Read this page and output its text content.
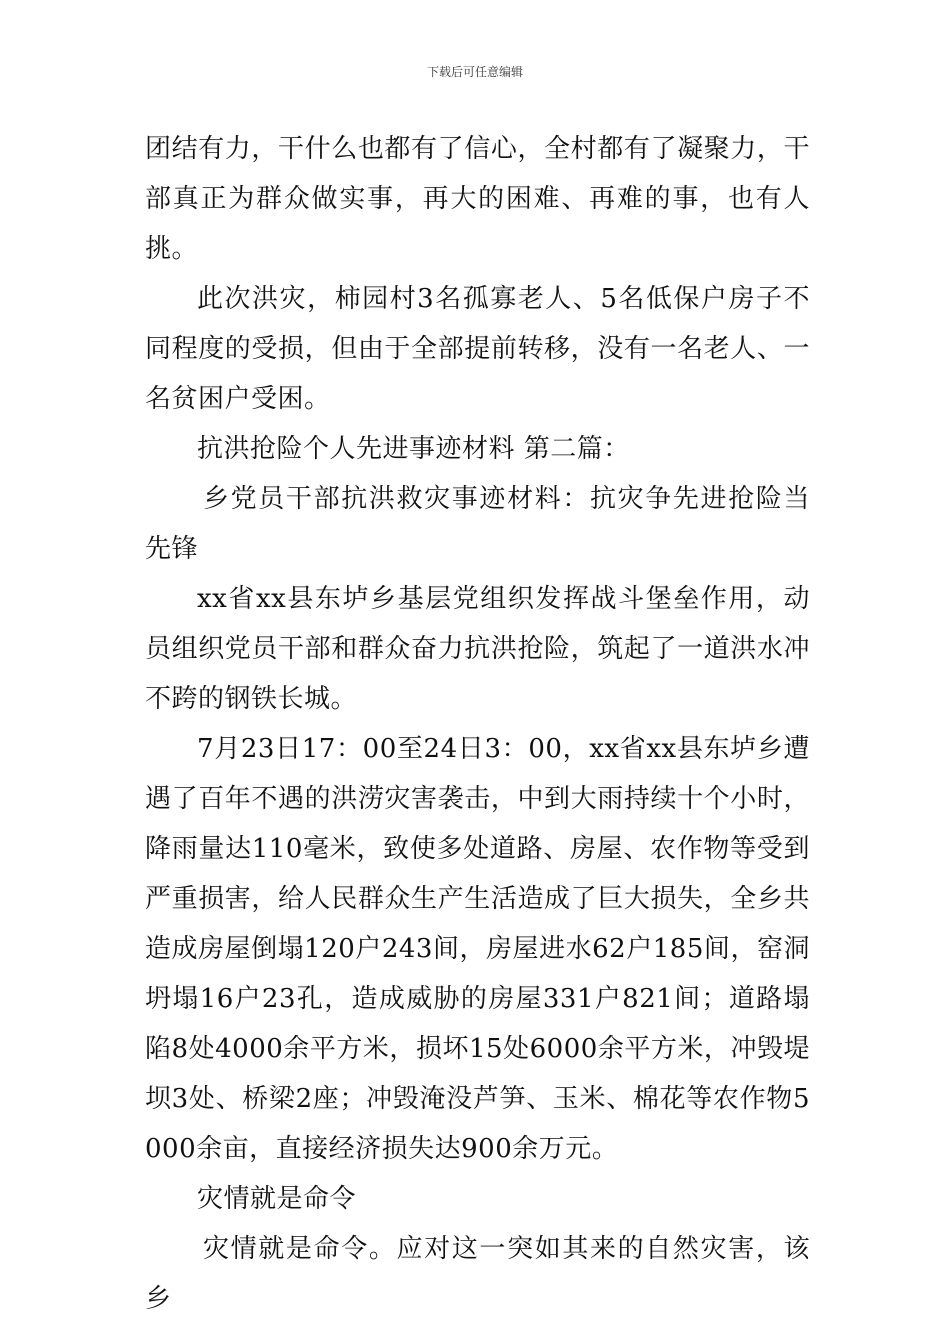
下载后可任意编辑

团结有力，干什么也都有了信心，全村都有了凝聚力，干部真正为群众做实事，再大的困难、再难的事，也有人挑。

此次洪灾，柿园村3名孤寡老人、5名低保户房子不同程度的受损，但由于全部提前转移，没有一名老人、一名贫困户受困。

抗洪抢险个人先进事迹材料 第二篇：

乡党员干部抗洪救灾事迹材料：抗灾争先进抢险当先锋

xx省xx县东垆乡基层党组织发挥战斗堡垒作用，动员组织党员干部和群众奋力抗洪抢险，筑起了一道洪水冲不跨的钢铁长城。

7月23日17：00至24日3：00，xx省xx县东垆乡遭遇了百年不遇的洪涝灾害袭击，中到大雨持续十个小时，降雨量达110毫米，致使多处道路、房屋、农作物等受到严重损害，给人民群众生产生活造成了巨大损失，全乡共造成房屋倒塌120户243间，房屋进水62户185间，窑洞坍塌16户23孔，造成威胁的房屋331户821间；道路塌陷8处4000余平方米，损坏15处6000余平方米，冲毁堤坝3处、桥梁2座；冲毁淹没芦笋、玉米、棉花等农作物5000余亩，直接经济损失达900余万元。

灾情就是命令

灾情就是命令。应对这一突如其来的自然灾害，该乡
